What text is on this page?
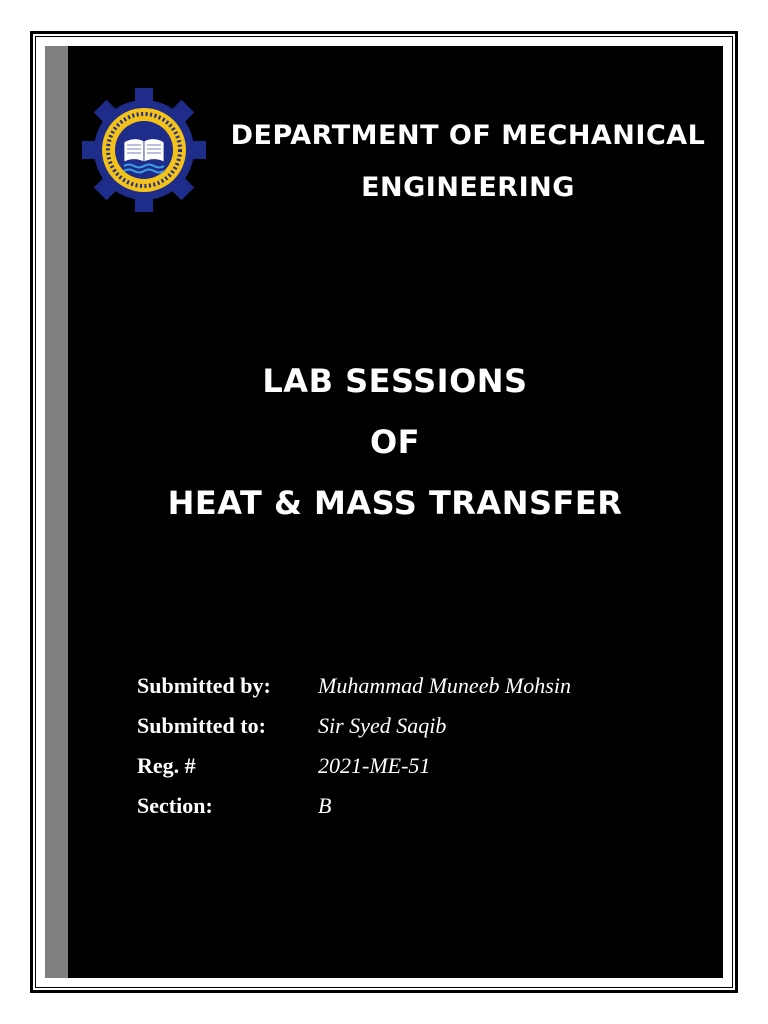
DEPARTMENT OF MECHANICAL
ENGINEERING
LAB SESSIONS
OF
HEAT & MASS TRANSFER
Submitted by:	Muhammad Muneeb Mohsin
Submitted to:	Sir Syed Saqib
Reg. #	2021-ME-51
Section:	B
